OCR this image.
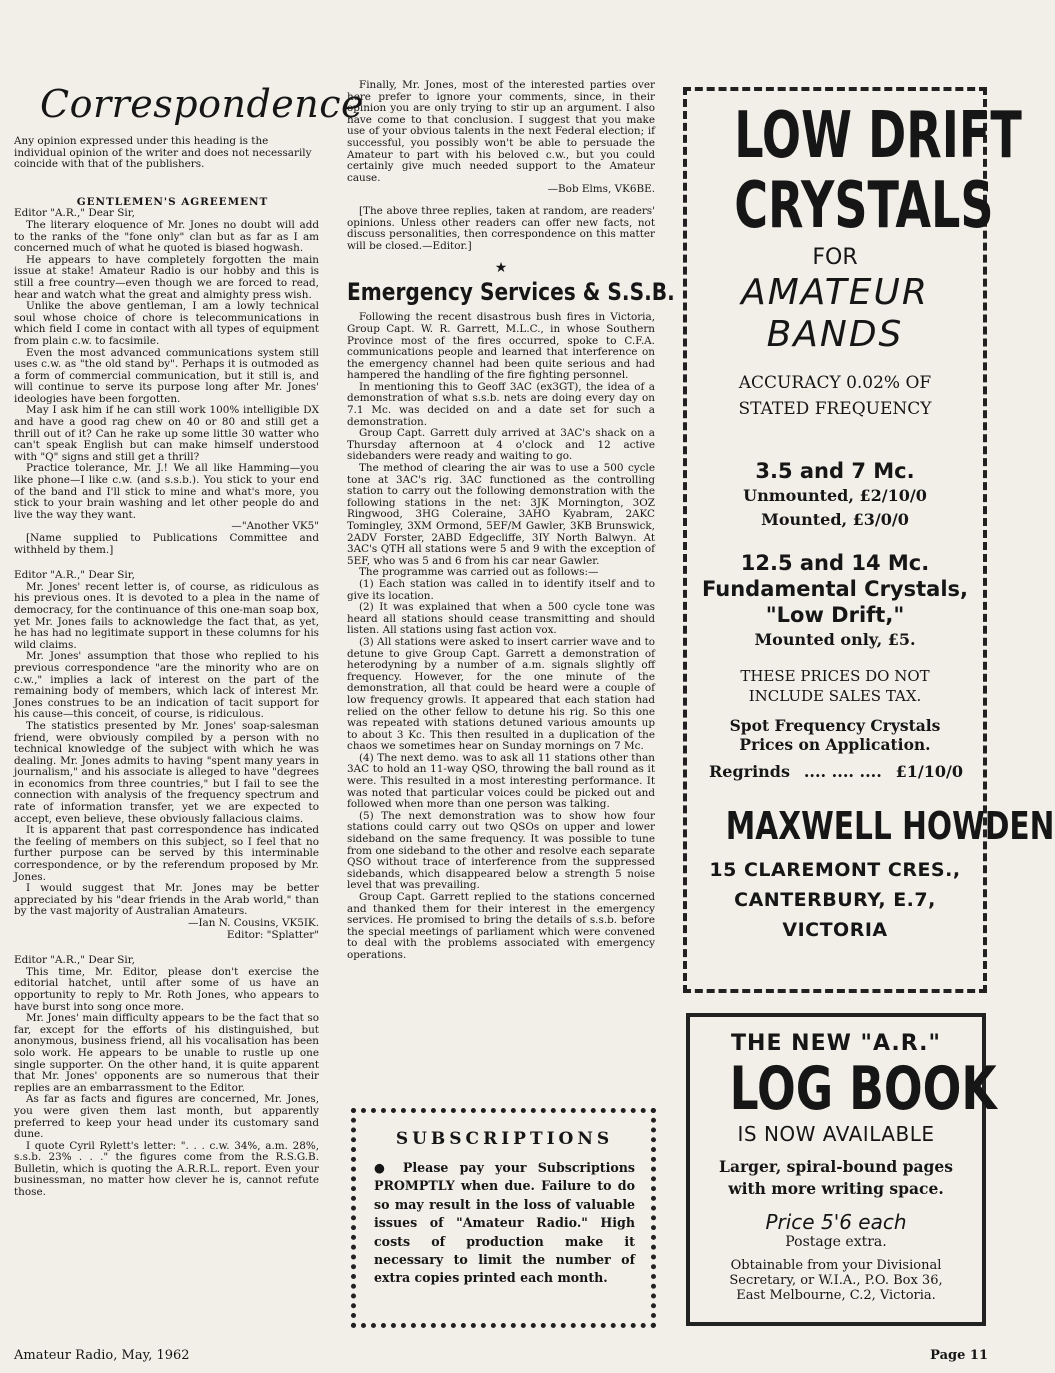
Correspondence

Any opinion expressed under this heading is the individual opinion of the writer and does not necessarily coincide with that of the publishers.

GENTLEMEN'S AGREEMENT

Editor "A.R.," Dear Sir,

The literary eloquence of Mr. Jones no doubt will add to the ranks of the "fone only" clan but as far as I am concerned much of what he quoted is biased hogwash.

He appears to have completely forgotten the main issue at stake! Amateur Radio is our hobby and this is still a free country—even though we are forced to read, hear and watch what the great and almighty press wish.

Unlike the above gentleman, I am a lowly technical soul whose choice of chore is telecommunications in which field I come in contact with all types of equipment from plain c.w. to facsimile.

Even the most advanced communications system still uses c.w. as "the old stand by". Perhaps it is outmoded as a form of commercial communication, but it still is, and will continue to serve its purpose long after Mr. Jones' ideologies have been forgotten.

May I ask him if he can still work 100% intelligible DX and have a good rag chew on 40 or 80 and still get a thrill out of it? Can he rake up some little 30 watter who can't speak English but can make himself understood with "Q" signs and still get a thrill?

Practice tolerance, Mr. J.! We all like Hamming—you like phone—I like c.w. (and s.s.b.). You stick to your end of the band and I'll stick to mine and what's more, you stick to your brain washing and let other people do and live the way they want.

—"Another VK5"

[Name supplied to Publications Committee and withheld by them.]

Editor "A.R.," Dear Sir,

Mr. Jones' recent letter is, of course, as ridiculous as his previous ones. It is devoted to a plea in the name of democracy, for the continuance of this one-man soap box, yet Mr. Jones fails to acknowledge the fact that, as yet, he has had no legitimate support in these columns for his wild claims.

Mr. Jones' assumption that those who replied to his previous correspondence "are the minority who are on c.w.," implies a lack of interest on the part of the remaining body of members, which lack of interest Mr. Jones construes to be an indication of tacit support for his cause—this conceit, of course, is ridiculous.

The statistics presented by Mr. Jones' soap-salesman friend, were obviously compiled by a person with no technical knowledge of the subject with which he was dealing. Mr. Jones admits to having "spent many years in journalism," and his associate is alleged to have "degrees in economics from three countries," but I fail to see the connection with analysis of the frequency spectrum and rate of information transfer, yet we are expected to accept, even believe, these obviously fallacious claims.

It is apparent that past correspondence has indicated the feeling of members on this subject, so I feel that no further purpose can be served by this interminable correspondence, or by the referendum proposed by Mr. Jones.

I would suggest that Mr. Jones may be better appreciated by his "dear friends in the Arab world," than by the vast majority of Australian Amateurs.

—Ian N. Cousins, VK5IK.

Editor: "Splatter"

Editor "A.R.," Dear Sir,

This time, Mr. Editor, please don't exercise the editorial hatchet, until after some of us have an opportunity to reply to Mr. Roth Jones, who appears to have burst into song once more.

Mr. Jones' main difficulty appears to be the fact that so far, except for the efforts of his distinguished, but anonymous, business friend, all his vocalisation has been solo work. He appears to be unable to rustle up one single supporter. On the other hand, it is quite apparent that Mr. Jones' opponents are so numerous that their replies are an embarrassment to the Editor.

As far as facts and figures are concerned, Mr. Jones, you were given them last month, but apparently preferred to keep your head under its customary sand dune.

I quote Cyril Rylett's letter: ". . . c.w. 34%, a.m. 28%, s.s.b. 23% . . ." the figures come from the R.S.G.B. Bulletin, which is quoting the A.R.R.L. report. Even your businessman, no matter how clever he is, cannot refute those.

Finally, Mr. Jones, most of the interested parties over here prefer to ignore your comments, since, in their opinion you are only trying to stir up an argument. I also have come to that conclusion. I suggest that you make use of your obvious talents in the next Federal election; if successful, you possibly won't be able to persuade the Amateur to part with his beloved c.w., but you could certainly give much needed support to the Amateur cause.

—Bob Elms, VK6BE.

[The above three replies, taken at random, are readers' opinions. Unless other readers can offer new facts, not discuss personalities, then correspondence on this matter will be closed.—Editor.]

★
Emergency Services & S.S.B.

Following the recent disastrous bush fires in Victoria, Group Capt. W. R. Garrett, M.L.C., in whose Southern Province most of the fires occurred, spoke to C.F.A. communications people and learned that interference on the emergency channel had been quite serious and had hampered the handling of the fire fighting personnel.

In mentioning this to Geoff 3AC (ex3GT), the idea of a demonstration of what s.s.b. nets are doing every day on 7.1 Mc. was decided on and a date set for such a demonstration.

Group Capt. Garrett duly arrived at 3AC's shack on a Thursday afternoon at 4 o'clock and 12 active sidebanders were ready and waiting to go.

The method of clearing the air was to use a 500 cycle tone at 3AC's rig. 3AC functioned as the controlling station to carry out the following demonstration with the following stations in the net: 3JK Mornington, 3OZ Ringwood, 3HG Coleraine, 3AHO Kyabram, 2AKC Tomingley, 3XM Ormond, 5EF/M Gawler, 3KB Brunswick, 2ADV Forster, 2ABD Edgecliffe, 3IY North Balwyn. At 3AC's QTH all stations were 5 and 9 with the exception of 5EF, who was 5 and 6 from his car near Gawler.

The programme was carried out as follows:—

(1) Each station was called in to identify itself and to give its location.

(2) It was explained that when a 500 cycle tone was heard all stations should cease transmitting and should listen. All stations using fast action vox.

(3) All stations were asked to insert carrier wave and to detune to give Group Capt. Garrett a demonstration of heterodyning by a number of a.m. signals slightly off frequency. However, for the one minute of the demonstration, all that could be heard were a couple of low frequency growls. It appeared that each station had relied on the other fellow to detune his rig. So this one was repeated with stations detuned various amounts up to about 3 Kc. This then resulted in a duplication of the chaos we sometimes hear on Sunday mornings on 7 Mc.

(4) The next demo. was to ask all 11 stations other than 3AC to hold an 11-way QSO, throwing the ball round as it were. This resulted in a most interesting performance. It was noted that particular voices could be picked out and followed when more than one person was talking.

(5) The next demonstration was to show how four stations could carry out two QSOs on upper and lower sideband on the same frequency. It was possible to tune from one sideband to the other and resolve each separate QSO without trace of interference from the suppressed sidebands, which disappeared below a strength 5 noise level that was prevailing.

Group Capt. Garrett replied to the stations concerned and thanked them for their interest in the emergency services. He promised to bring the details of s.s.b. before the special meetings of parliament which were convened to deal with the problems associated with emergency operations.

SUBSCRIPTIONS

● Please pay your Subscriptions PROMPTLY when due. Failure to do so may result in the loss of valuable issues of "Amateur Radio." High costs of production make it necessary to limit the number of extra copies printed each month.

LOW DRIFT

CRYSTALS

FOR

AMATEUR

BANDS

ACCURACY 0.02% OF
STATED FREQUENCY

3.5 and 7 Mc.

Unmounted, £2/10/0

Mounted, £3/0/0

12.5 and 14 Mc.

Fundamental Crystals,

"Low Drift,"

Mounted only, £5.

THESE PRICES DO NOT
INCLUDE SALES TAX.
Spot Frequency Crystals
Prices on Application.
Regrinds .... .... .... £1/10/0

MAXWELL HOWDEN

15 CLAREMONT CRES.,

CANTERBURY, E.7,

VICTORIA

THE NEW "A.R."

LOG BOOK

IS NOW AVAILABLE

Larger, spiral-bound pages
with more writing space.

Price 5'6 each

Postage extra.

Obtainable from your Divisional

Secretary, or W.I.A., P.O. Box 36,

East Melbourne, C.2, Victoria.

Amateur Radio, May, 1962	Page 11
